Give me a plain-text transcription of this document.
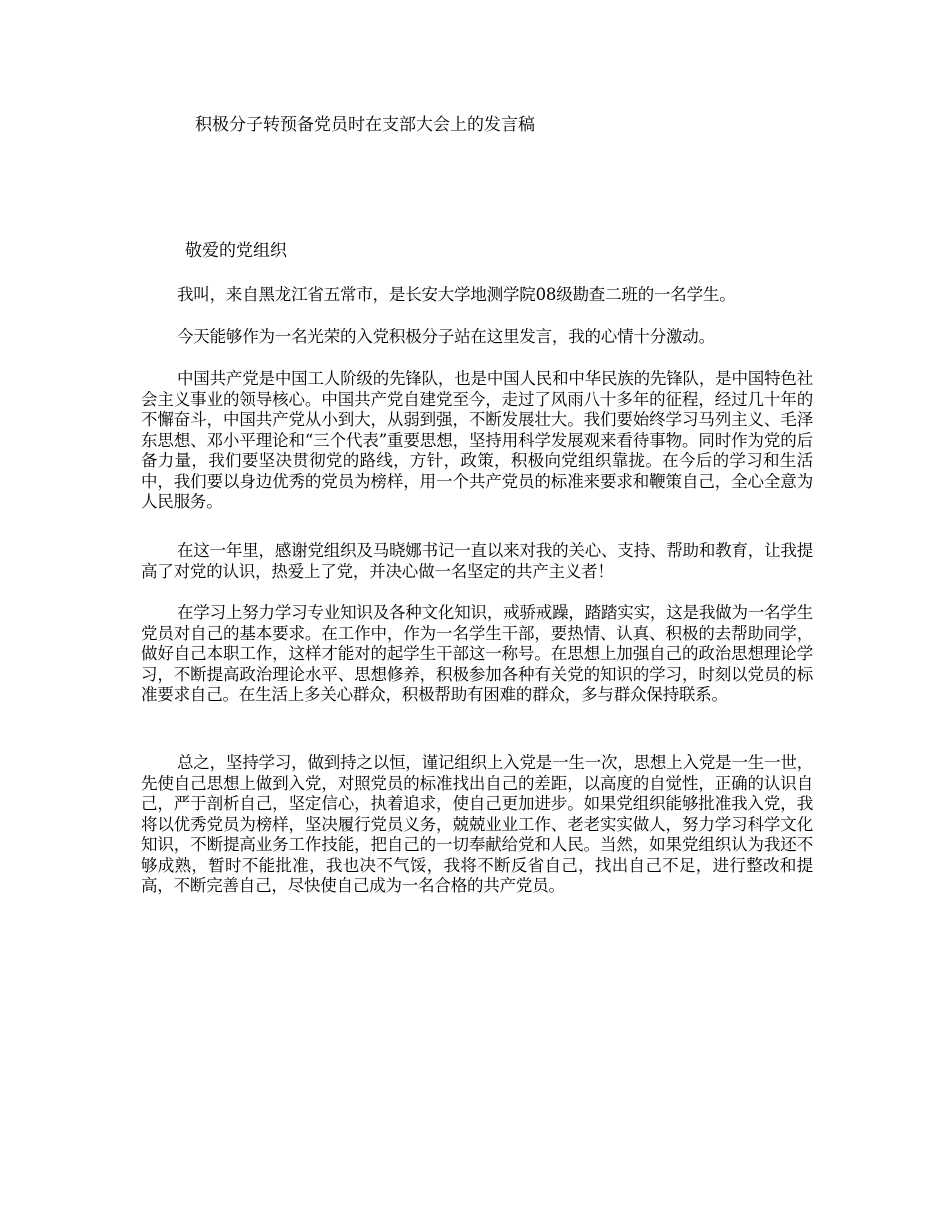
积极分子转预备党员时在支部大会上的发言稿

敬爱的党组织

我叫，来自黑龙江省五常市，是长安大学地测学院08级勘查二班的一名学生。

今天能够作为一名光荣的入党积极分子站在这里发言，我的心情十分激动。

中国共产党是中国工人阶级的先锋队，也是中国人民和中华民族的先锋队，是中国特色社会主义事业的领导核心。中国共产党自建党至今，走过了风雨八十多年的征程，经过几十年的不懈奋斗，中国共产党从小到大，从弱到强，不断发展壮大。我们要始终学习马列主义、毛泽东思想、邓小平理论和“三个代表”重要思想，坚持用科学发展观来看待事物。同时作为党的后备力量，我们要坚决贯彻党的路线，方针，政策，积极向党组织靠拢。在今后的学习和生活中，我们要以身边优秀的党员为榜样，用一个共产党员的标准来要求和鞭策自己，全心全意为人民服务。

在这一年里，感谢党组织及马晓娜书记一直以来对我的关心、支持、帮助和教育，让我提高了对党的认识，热爱上了党，并决心做一名坚定的共产主义者！

在学习上努力学习专业知识及各种文化知识，戒骄戒躁，踏踏实实，这是我做为一名学生党员对自己的基本要求。在工作中，作为一名学生干部，要热情、认真、积极的去帮助同学，做好自己本职工作，这样才能对的起学生干部这一称号。在思想上加强自己的政治思想理论学习，不断提高政治理论水平、思想修养，积极参加各种有关党的知识的学习，时刻以党员的标准要求自己。在生活上多关心群众，积极帮助有困难的群众，多与群众保持联系。

总之，坚持学习，做到持之以恒，谨记组织上入党是一生一次，思想上入党是一生一世，先使自己思想上做到入党，对照党员的标准找出自己的差距，以高度的自觉性，正确的认识自己，严于剖析自己，坚定信心，执着追求，使自己更加进步。如果党组织能够批准我入党，我将以优秀党员为榜样，坚决履行党员义务，兢兢业业工作、老老实实做人，努力学习科学文化知识，不断提高业务工作技能，把自己的一切奉献给党和人民。当然，如果党组织认为我还不够成熟，暂时不能批准，我也决不气馁，我将不断反省自己，找出自己不足，进行整改和提高，不断完善自己，尽快使自己成为一名合格的共产党员。
